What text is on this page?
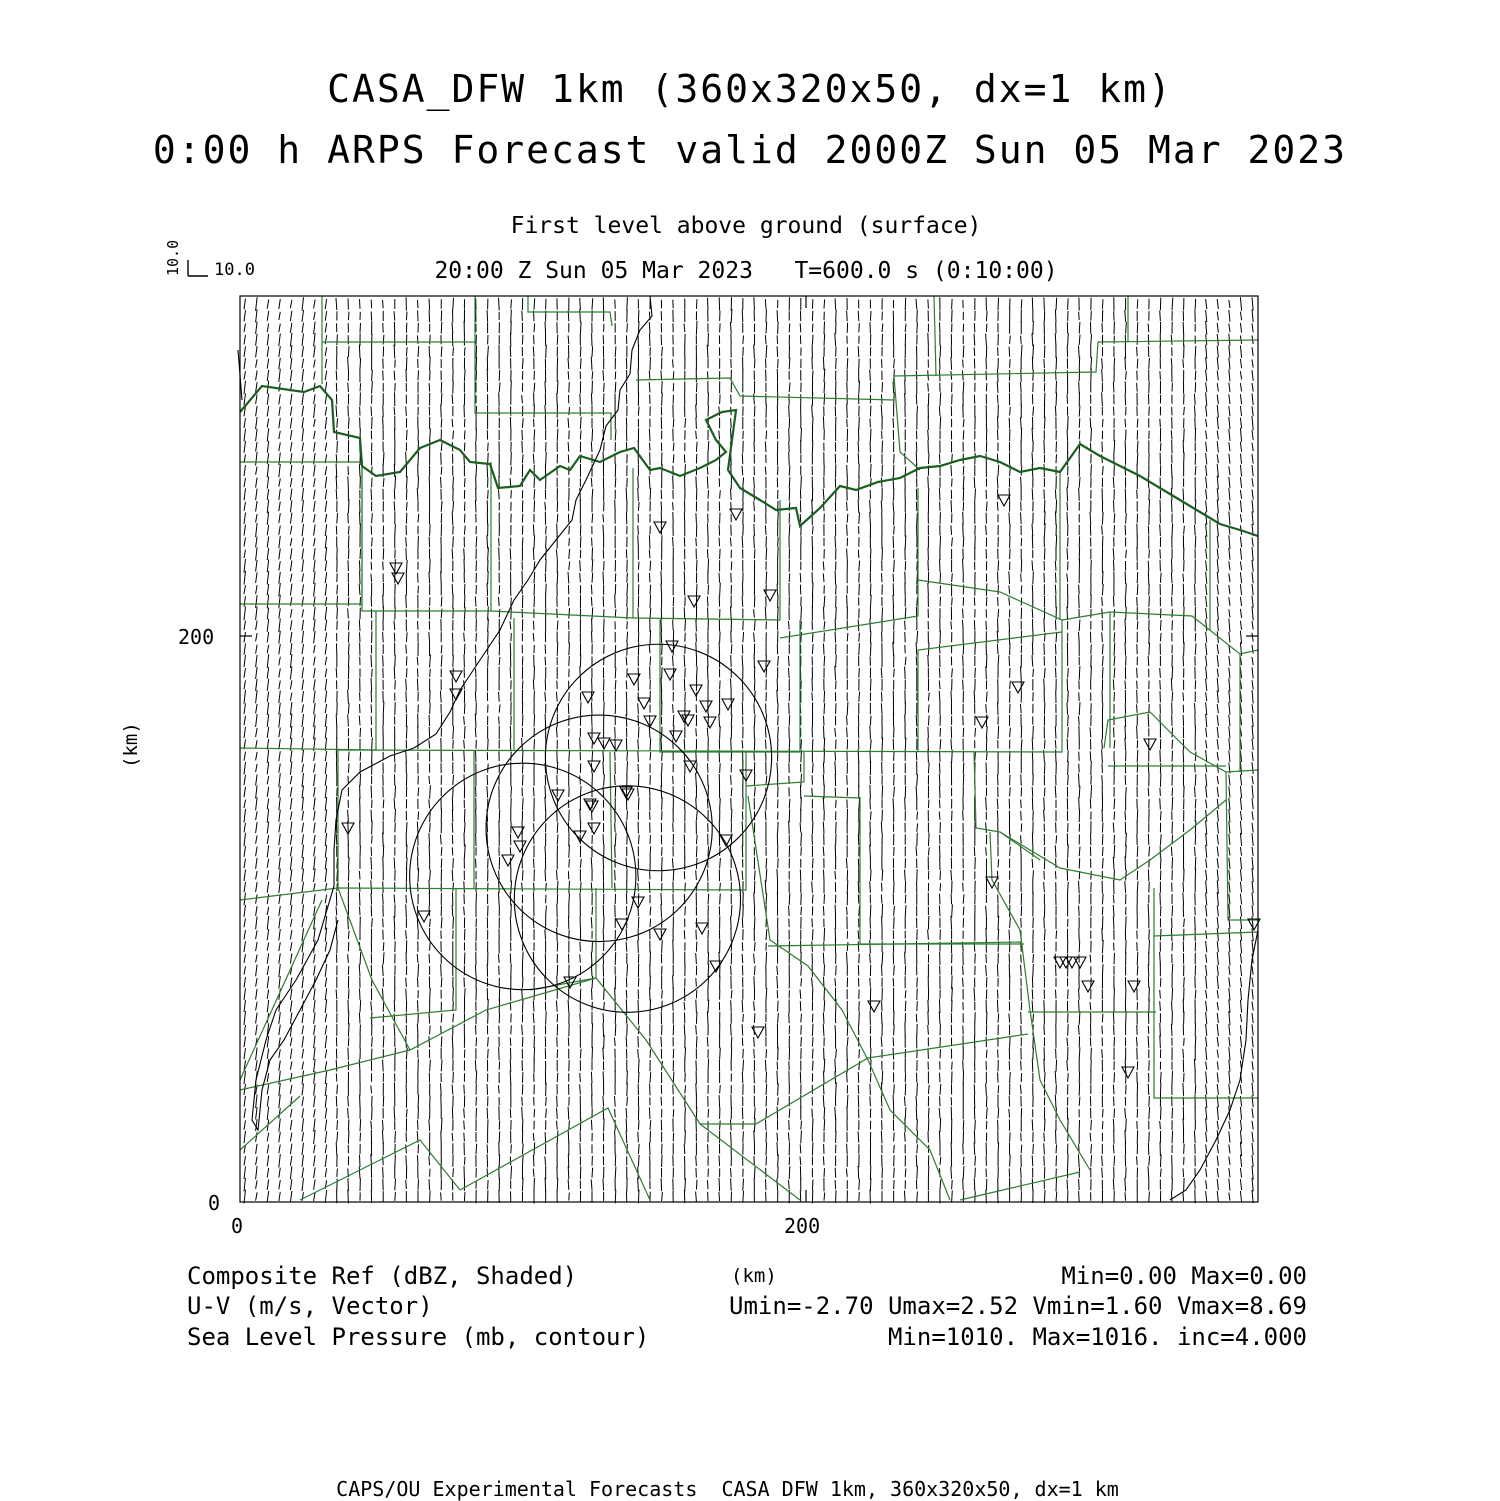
CASA_DFW 1km (360x320x50, dx=1 km)
0:00 h ARPS Forecast valid 2000Z Sun 05 Mar 2023
First level above ground (surface)
20:00 Z Sun 05 Mar 2023   T=600.0 s (0:10:00)
10.0 10.0
200
0
0	200
(km)
(km)
Composite Ref (dBZ, Shaded)
U-V (m/s, Vector)
Sea Level Pressure (mb, contour)
Min=0.00 Max=0.00
Umin=-2.70 Umax=2.52 Vmin=1.60 Vmax=8.69
Min=1010. Max=1016. inc=4.000
CAPS/OU Experimental Forecasts  CASA DFW 1km, 360x320x50, dx=1 km
